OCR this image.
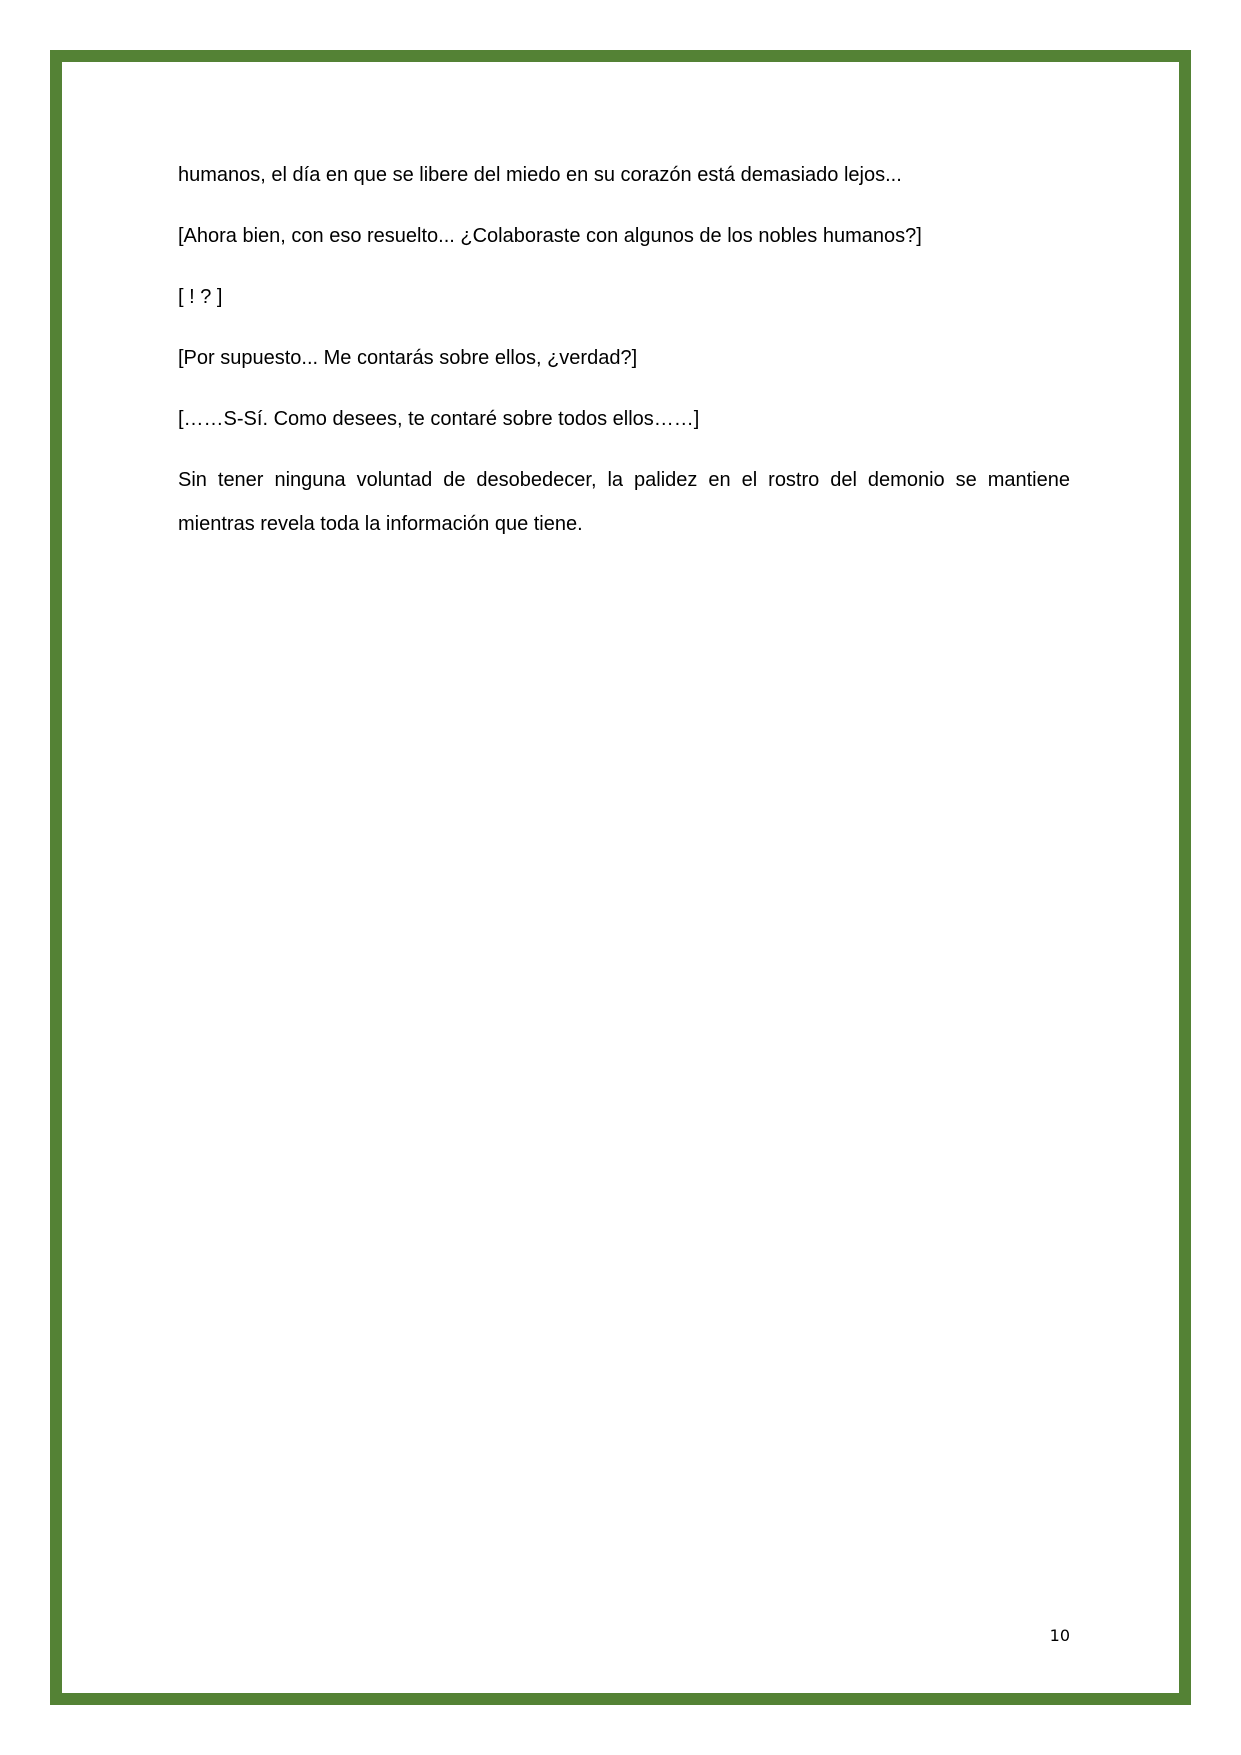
humanos, el día en que se libere del miedo en su corazón está demasiado lejos...

[Ahora bien, con eso resuelto... ¿Colaboraste con algunos de los nobles humanos?]

[ ! ? ]

[Por supuesto... Me contarás sobre ellos, ¿verdad?]

[……S-Sí. Como desees, te contaré sobre todos ellos……]

Sin tener ninguna voluntad de desobedecer, la palidez en el rostro del demonio se mantiene mientras revela toda la información que tiene.

10
